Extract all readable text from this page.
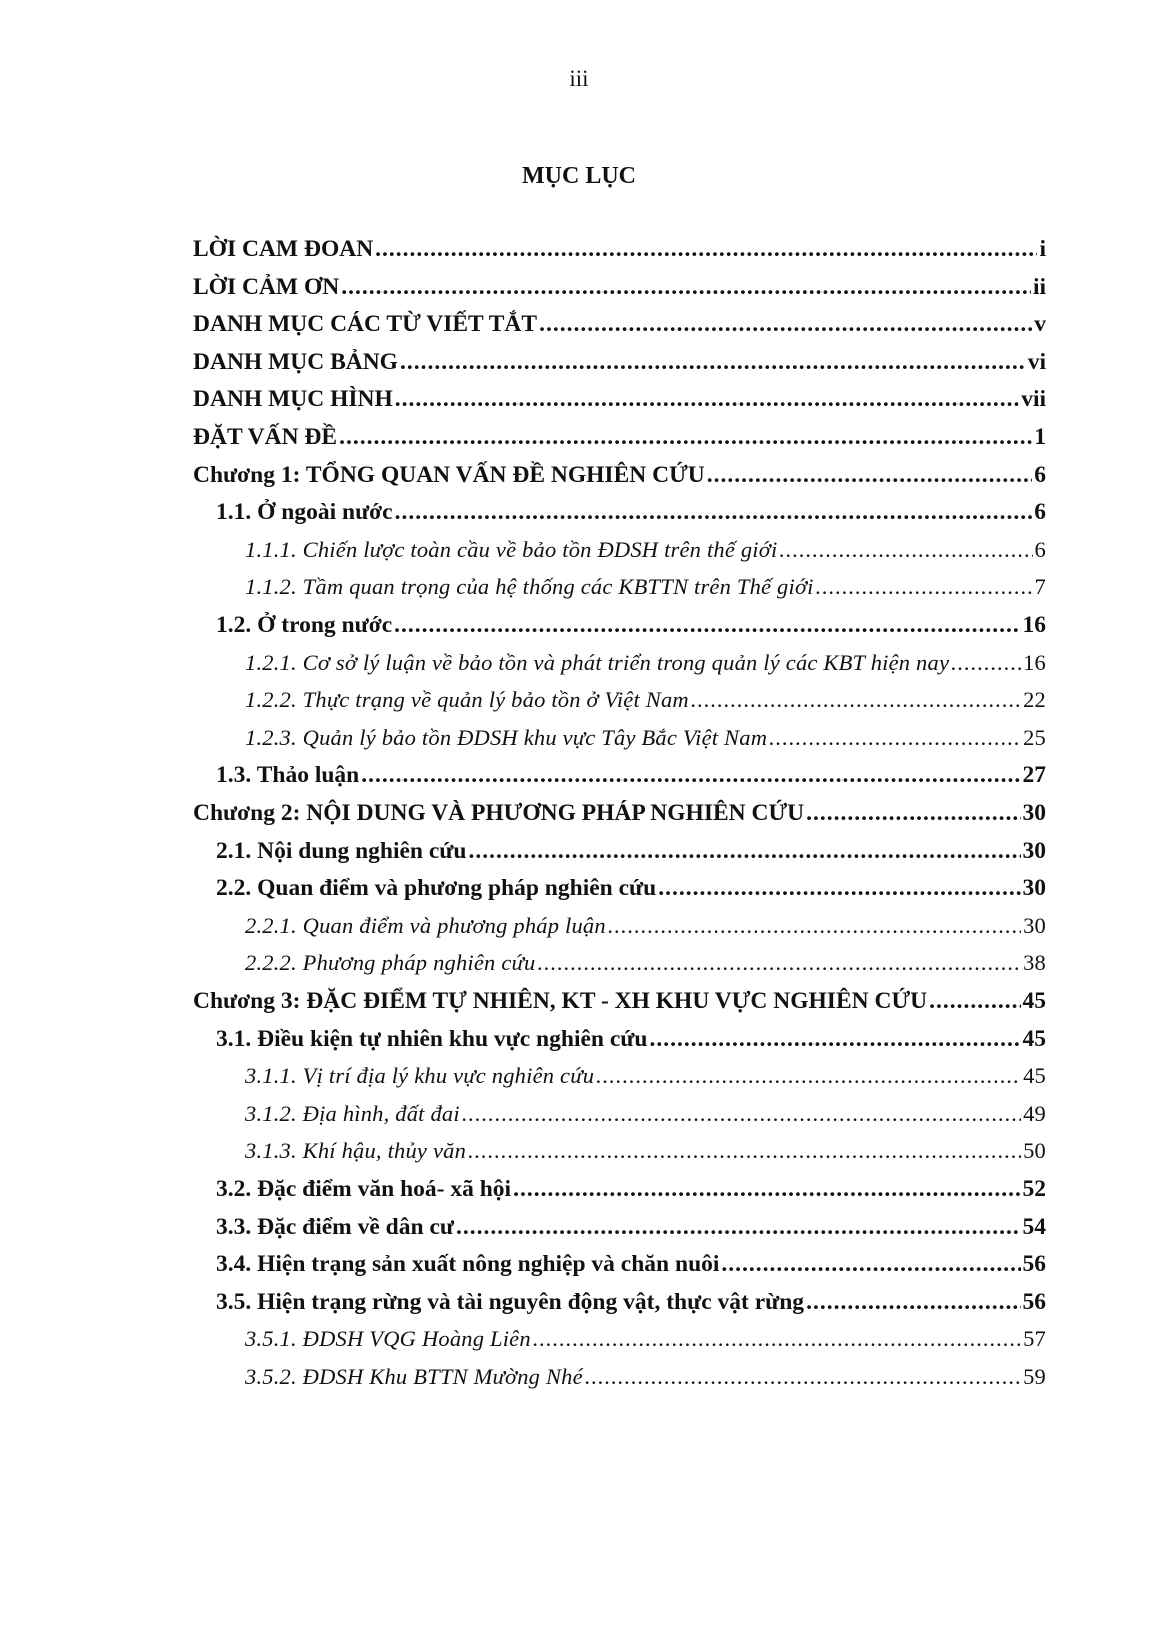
iii
MỤC LỤC
LỜI CAM ĐOAN .....	i
LỜI CẢM ƠN .....	ii
DANH MỤC CÁC TỪ VIẾT TẮT .....	v
DANH MỤC BẢNG .....	vi
DANH MỤC HÌNH .....	vii
ĐẶT VẤN ĐỀ .....	1
Chương 1: TỔNG QUAN VẤN ĐỀ NGHIÊN CỨU .....	6
1.1. Ở ngoài nước .....	6
1.1.1. Chiến lược toàn cầu về bảo tồn ĐDSH trên thế giới .....	6
1.1.2. Tầm quan trọng của hệ thống các KBTTN trên Thế giới .....	7
1.2. Ở trong nước .....	16
1.2.1. Cơ sở lý luận về bảo tồn và phát triển trong quản lý các KBT hiện nay .....	16
1.2.2. Thực trạng về quản lý bảo tồn ở Việt Nam .....	22
1.2.3. Quản lý bảo tồn ĐDSH khu vực Tây Bắc Việt Nam .....	25
1.3. Thảo luận .....	27
Chương 2: NỘI DUNG VÀ PHƯƠNG PHÁP NGHIÊN CỨU .....	30
2.1. Nội dung nghiên cứu .....	30
2.2. Quan điểm và phương pháp nghiên cứu .....	30
2.2.1. Quan điểm và phương pháp luận .....	30
2.2.2. Phương pháp nghiên cứu .....	38
Chương 3: ĐẶC ĐIỂM TỰ NHIÊN, KT - XH KHU VỰC NGHIÊN CỨU .....	45
3.1. Điều kiện tự nhiên khu vực nghiên cứu .....	45
3.1.1. Vị trí địa lý khu vực nghiên cứu .....	45
3.1.2. Địa hình, đất đai .....	49
3.1.3. Khí hậu, thủy văn .....	50
3.2. Đặc điểm văn hoá- xã hội .....	52
3.3. Đặc điểm về dân cư .....	54
3.4. Hiện trạng sản xuất nông nghiệp và chăn nuôi .....	56
3.5. Hiện trạng rừng và tài nguyên động vật, thực vật rừng .....	56
3.5.1. ĐDSH VQG Hoàng Liên .....	57
3.5.2. ĐDSH Khu BTTN Mường Nhé .....	59
